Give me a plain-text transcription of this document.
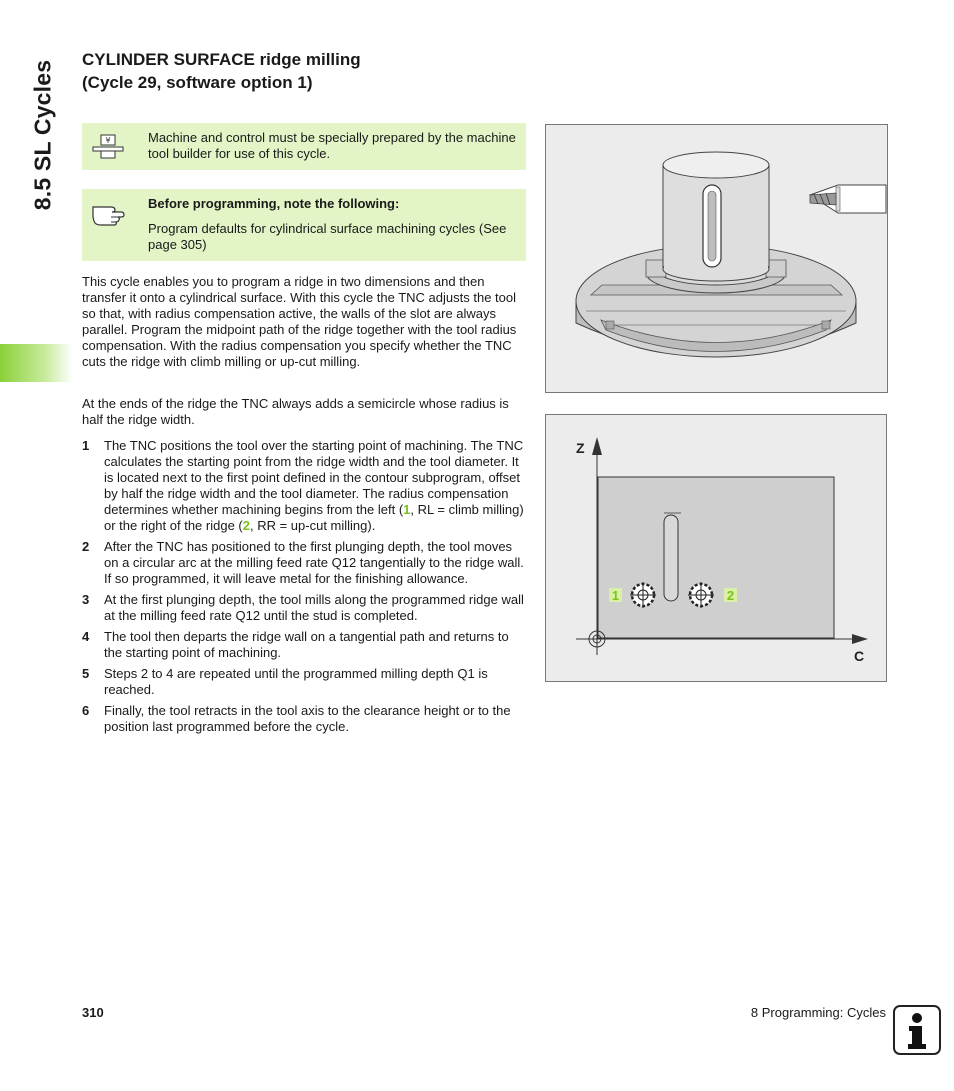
8.5 SL Cycles
CYLINDER SURFACE ridge milling
(Cycle 29, software option 1)
¥	Machine and control must be specially prepared by the machine tool builder for use of this cycle.
Before programming, note the following:
Program defaults for cylindrical surface machining cycles (See page 305)
This cycle enables you to program a ridge in two dimensions and then transfer it onto a cylindrical surface. With this cycle the TNC adjusts the tool so that, with radius compensation active, the walls of the slot are always parallel. Program the midpoint path of the ridge together with the tool radius compensation. With the radius compensation you specify whether the TNC cuts the ridge with climb milling or up-cut milling.
At the ends of the ridge the TNC always adds a semicircle whose radius is half the ridge width.
1 The TNC positions the tool over the starting point of machining. The TNC calculates the starting point from the ridge width and the tool diameter. It is located next to the first point defined in the contour subprogram, offset by half the ridge width and the tool diameter. The radius compensation determines whether machining begins from the left (1, RL = climb milling) or the right of the ridge (2, RR = up-cut milling).
2 After the TNC has positioned to the first plunging depth, the tool moves on a circular arc at the milling feed rate Q12 tangentially to the ridge wall. If so programmed, it will leave metal for the finishing allowance.
3 At the first plunging depth, the tool mills along the programmed ridge wall at the milling feed rate Q12 until the stud is completed.
4 The tool then departs the ridge wall on a tangential path and returns to the starting point of machining.
5 Steps 2 to 4 are repeated until the programmed milling depth Q1 is reached.
6 Finally, the tool retracts in the tool axis to the clearance height or to the position last programmed before the cycle.
1	2
Z
C
310	8 Programming: Cycles
